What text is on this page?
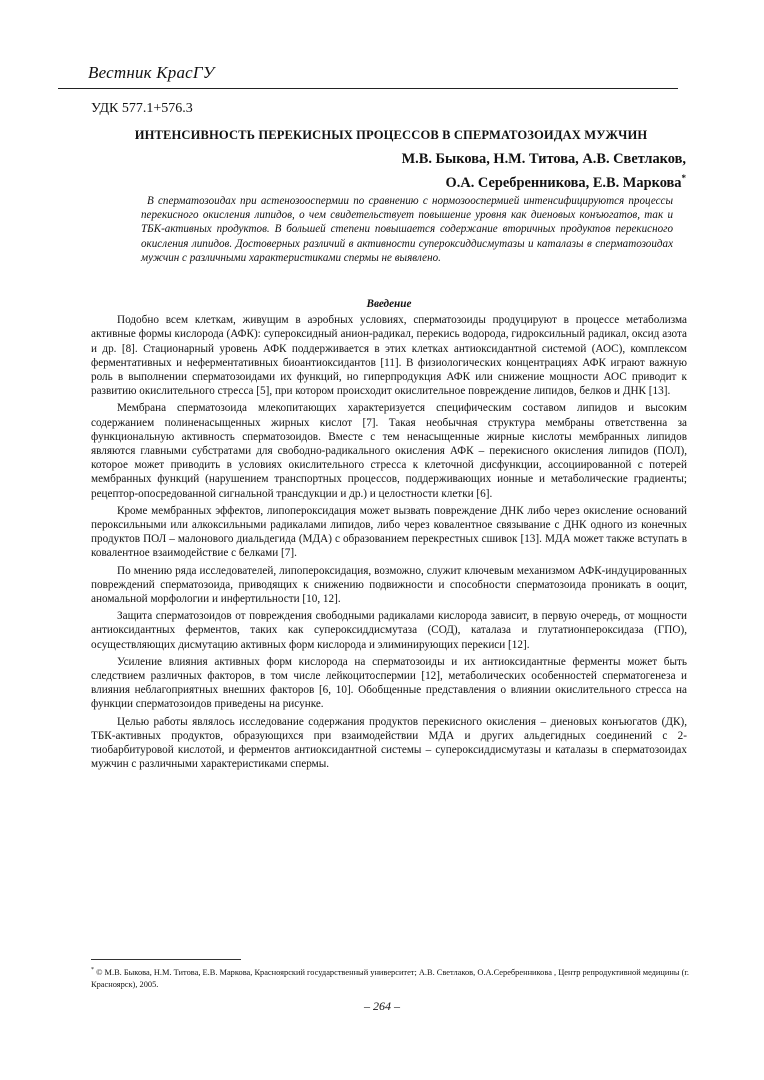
Вестник КрасГУ
УДК 577.1+576.3
ИНТЕНСИВНОСТЬ ПЕРЕКИСНЫХ ПРОЦЕССОВ В СПЕРМАТОЗОИДАХ МУЖЧИН
М.В. Быкова, Н.М. Титова, А.В. Светлаков,
О.А. Серебренникова, Е.В. Маркова*
В сперматозоидах при астенозооспермии по сравнению с нормозооспермией интенсифицируются процессы перекисного окисления липидов, о чем свидетельствует повышение уровня как диеновых конъюгатов, так и ТБК-активных продуктов. В большей степени повышается содержание вторичных продуктов перекисного окисления липидов. Достоверных различий в активности супероксиддисмутазы и каталазы в сперматозоидах мужчин с различными характеристиками спермы не выявлено.
Введение

Подобно всем клеткам, живущим в аэробных условиях, сперматозоиды продуцируют в процессе метаболизма активные формы кислорода (АФК): супероксидный анион-радикал, перекись водорода, гидроксильный радикал, оксид азота и др. [8]. Стационарный уровень АФК поддерживается в этих клетках антиоксидантной системой (АОС), комплексом ферментативных и неферментативных биоантиоксидантов [11]. В физиологических концентрациях АФК играют важную роль в выполнении сперматозоидами их функций, но гиперпродукция АФК или снижение мощности АОС приводит к развитию окислительного стресса [5], при котором происходит окислительное повреждение липидов, белков и ДНК [13].

Мембрана сперматозоида млекопитающих характеризуется специфическим составом липидов и высоким содержанием полиненасыщенных жирных кислот [7]. Такая необычная структура мембраны ответственна за функциональную активность сперматозоидов. Вместе с тем ненасыщенные жирные кислоты мембранных липидов являются главными субстратами для свободно-радикального окисления АФК – перекисного окисления липидов (ПОЛ), которое может приводить в условиях окислительного стресса к клеточной дисфункции, ассоциированной с потерей мембранных функций (нарушением транспортных процессов, поддерживающих ионные и метаболические градиенты; рецептор-опосредованной сигнальной трансдукции и др.) и целостности клетки [6].

Кроме мембранных эффектов, липопероксидация может вызвать повреждение ДНК либо через окисление оснований пероксильными или алкоксильными радикалами липидов, либо через ковалентное связывание с ДНК одного из конечных продуктов ПОЛ – малонового диальдегида (МДА) с образованием перекрестных сшивок [13]. МДА может также вступать в ковалентное взаимодействие с белками [7].

По мнению ряда исследователей, липопероксидация, возможно, служит ключевым механизмом АФК-индуцированных повреждений сперматозоида, приводящих к снижению подвижности и способности сперматозоида проникать в ооцит, аномальной морфологии и инфертильности [10, 12].

Защита сперматозоидов от повреждения свободными радикалами кислорода зависит, в первую очередь, от мощности антиоксидантных ферментов, таких как супероксиддисмутаза (СОД), каталаза и глутатионпероксидаза (ГПО), осуществляющих дисмутацию активных форм кислорода и элиминирующих перекиси [12].

Усиление влияния активных форм кислорода на сперматозоиды и их антиоксидантные ферменты может быть следствием различных факторов, в том числе лейкоцитоспермии [12], метаболических особенностей сперматогенеза и влияния неблагоприятных внешних факторов [6, 10]. Обобщенные представления о влиянии окислительного стресса на функции сперматозоидов приведены на рисунке.

Целью работы являлось исследование содержания продуктов перекисного окисления – диеновых конъюгатов (ДК), ТБК-активных продуктов, образующихся при взаимодействии МДА и других альдегидных соединений с 2-тиобарбитуровой кислотой, и ферментов антиоксидантной системы – супероксиддисмутазы и каталазы в сперматозоидах мужчин с различными характеристиками спермы.

* © М.В. Быкова, Н.М. Титова, Е.В. Маркова, Красноярский государственный университет; А.В. Светлаков, О.А.Серебренникова , Центр репродуктивной медицины (г. Красноярск), 2005.
– 264 –
